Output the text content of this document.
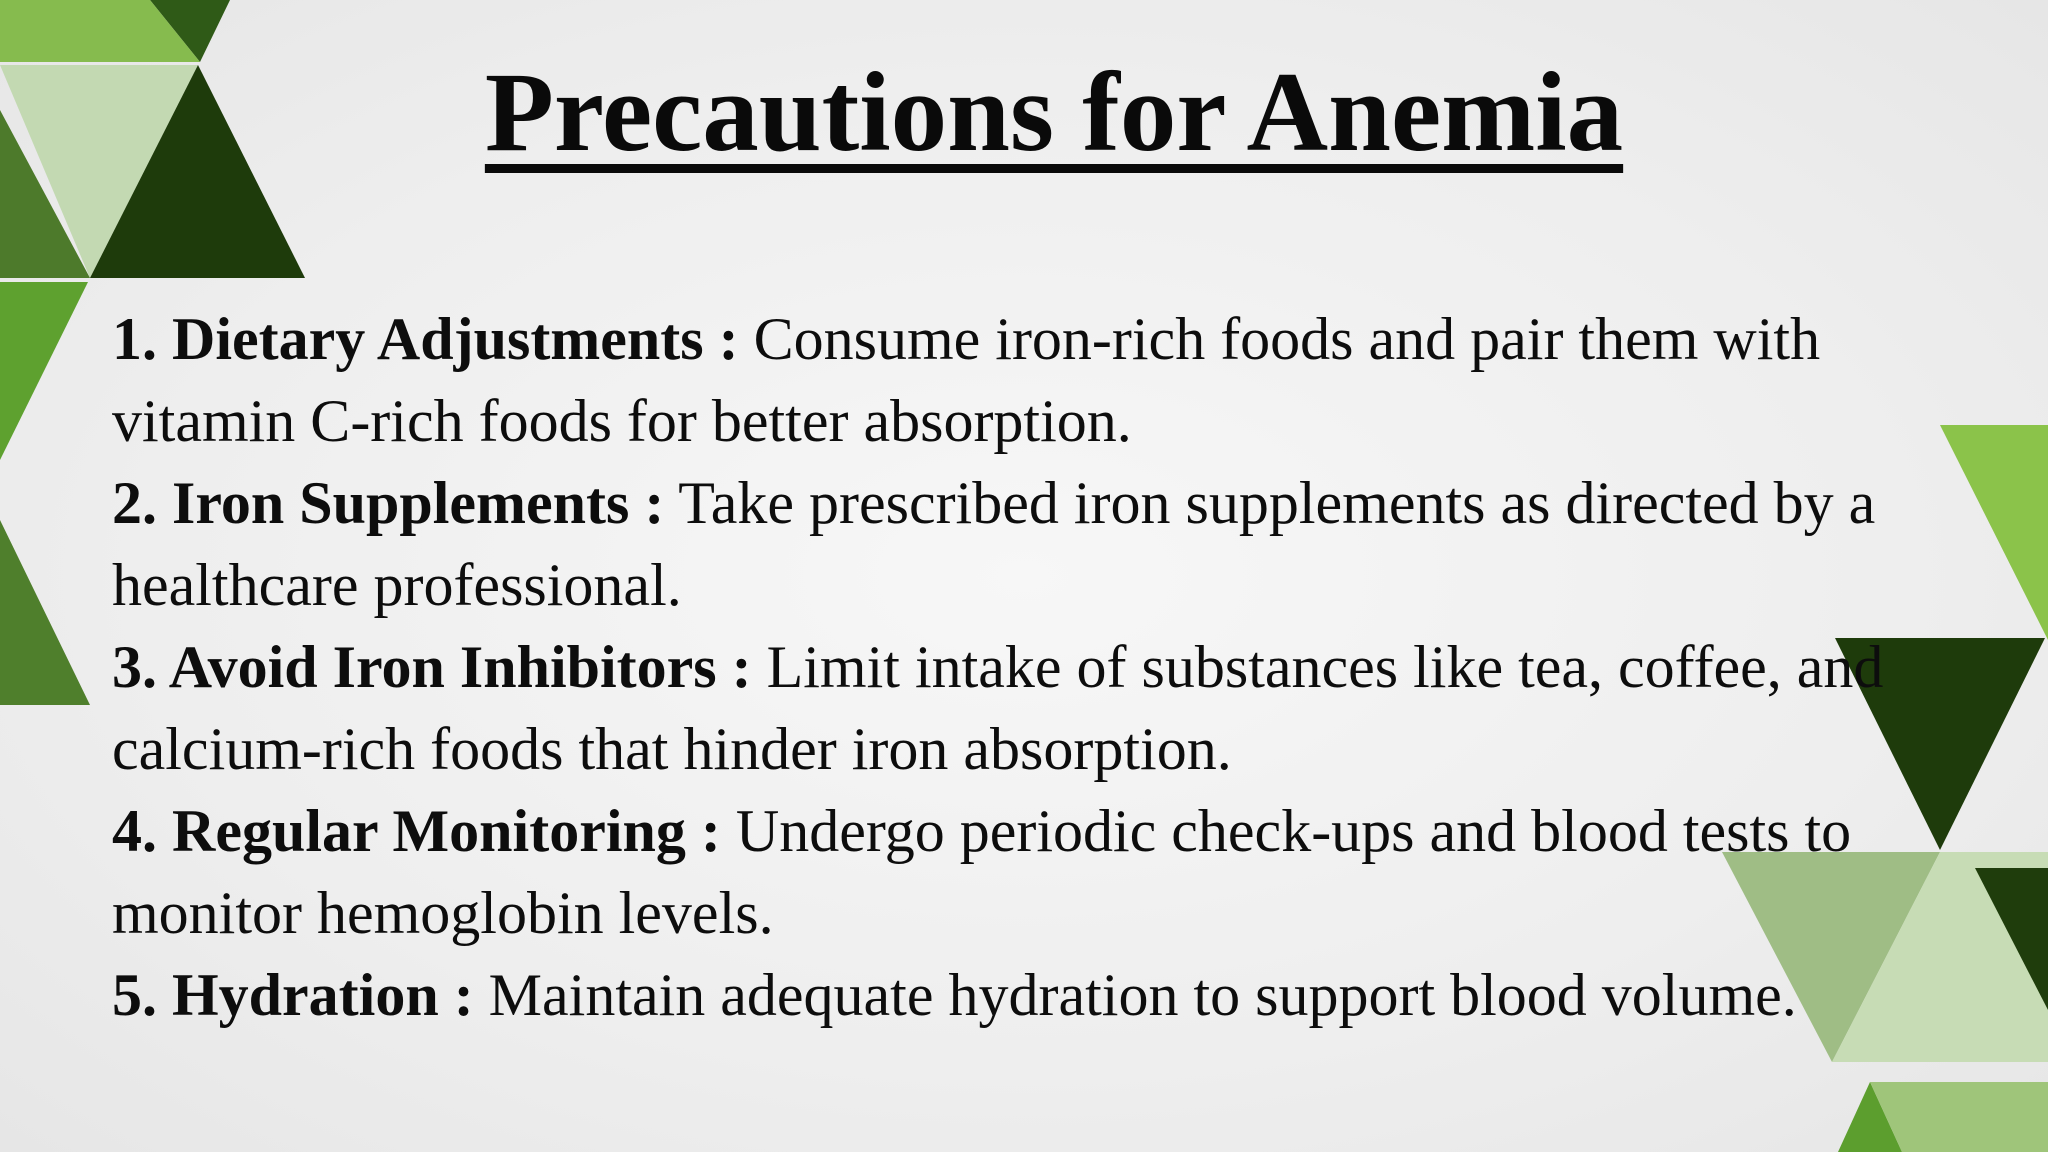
Precautions for Anemia
1. Dietary Adjustments : Consume iron-rich foods and pair them with vitamin C-rich foods for better absorption.
2. Iron Supplements : Take prescribed iron supplements as directed by a healthcare professional.
3. Avoid Iron Inhibitors : Limit intake of substances like tea, coffee, and calcium-rich foods that hinder iron absorption.
4. Regular Monitoring : Undergo periodic check-ups and blood tests to monitor hemoglobin levels.
5. Hydration : Maintain adequate hydration to support blood volume.
